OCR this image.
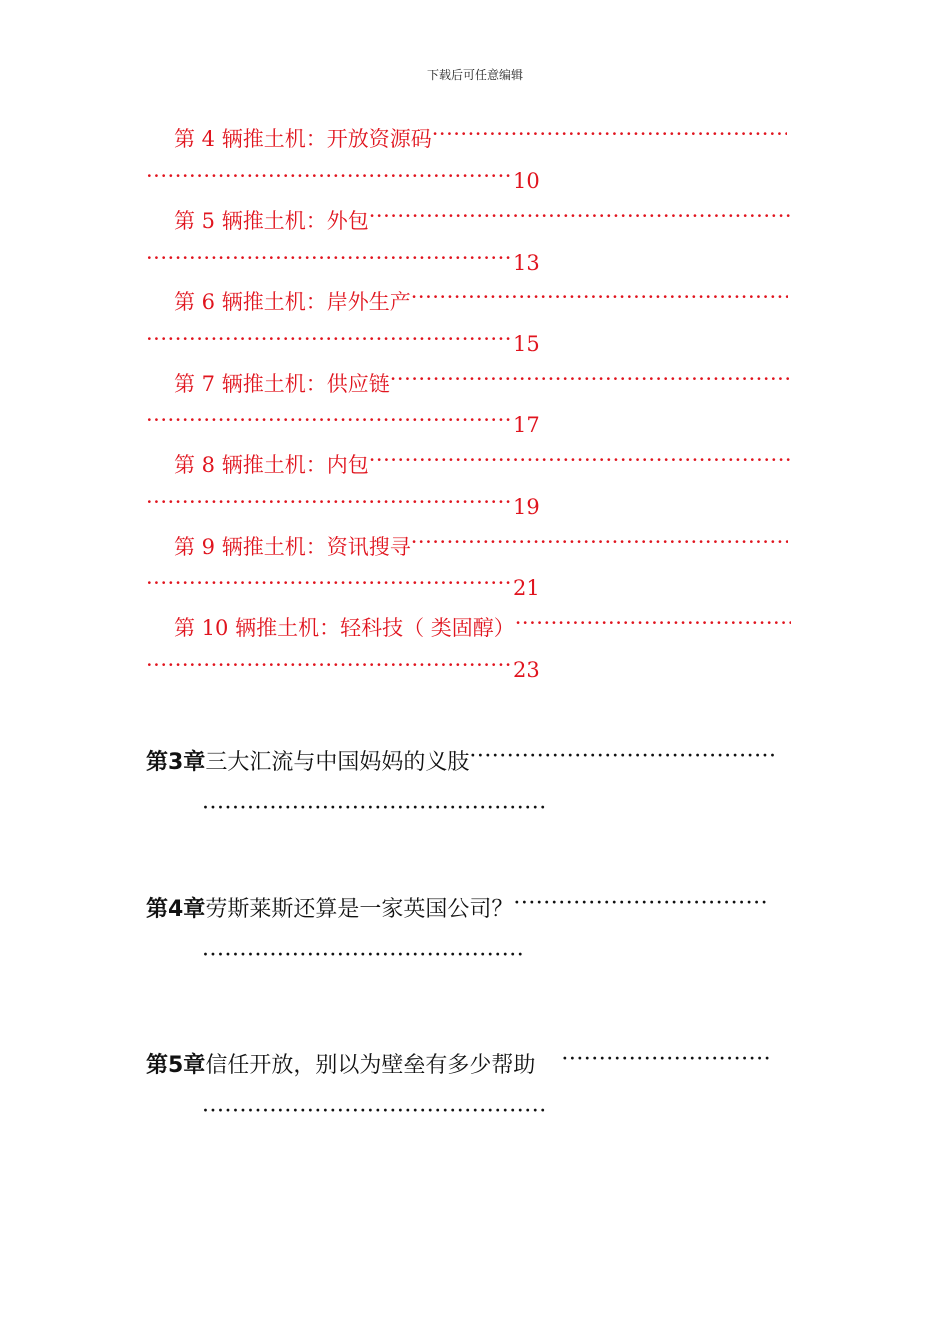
下载后可任意编辑
第 4 辆推土机：开放资源码·····
·····10
第 5 辆推土机：外包·····
·····13
第 6 辆推土机：岸外生产·····
·····15
第 7 辆推土机：供应链·····
·····17
第 8 辆推土机：内包·····
·····19
第 9 辆推土机：资讯搜寻·····
·····21
第 10 辆推土机：轻科技（ 类固醇）·····
·····23
第3章三大汇流与中国妈妈的义肢·····
·····
第4章劳斯莱斯还算是一家英国公司？·····
·····
第5章信任开放，别以为壁垒有多少帮助·····
·····
